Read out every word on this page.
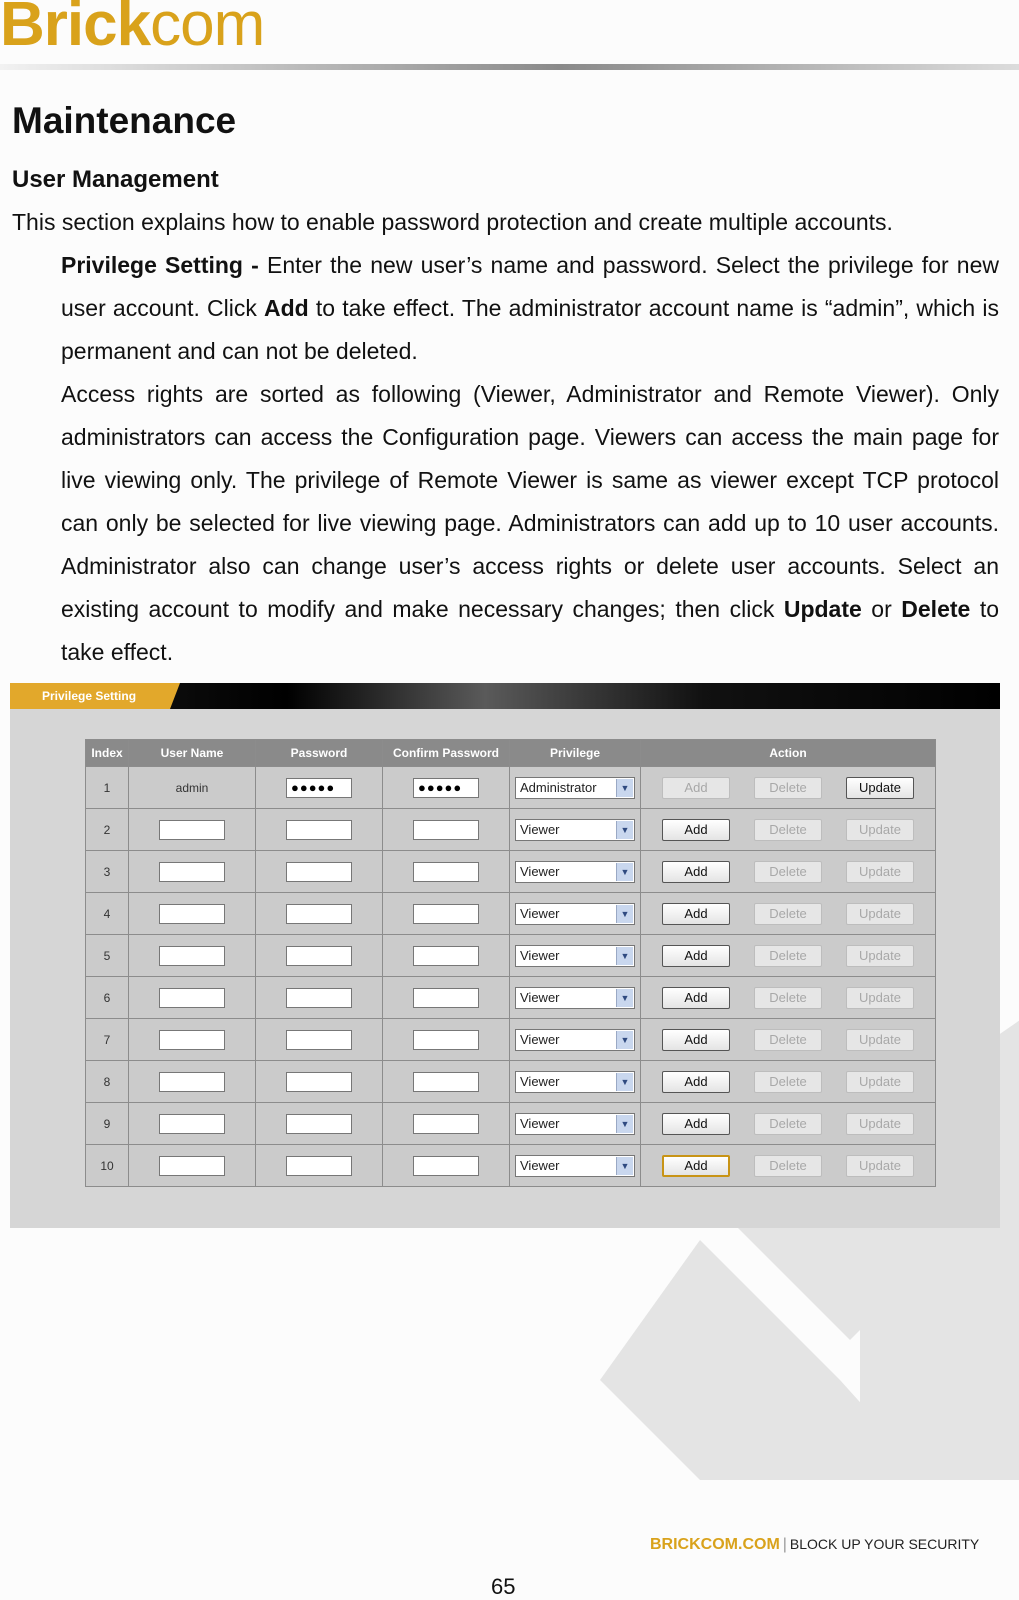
Brickcom
Maintenance
User Management

This section explains how to enable password protection and create multiple accounts.

Privilege Setting - Enter the new user’s name and password. Select the privilege for new user account. Click Add to take effect. The administrator account name is “admin”, which is permanent and can not be deleted.

Access rights are sorted as following (Viewer, Administrator and Remote Viewer). Only administrators can access the Configuration page. Viewers can access the main page for live viewing only. The privilege of Remote Viewer is same as viewer except TCP protocol can only be selected for live viewing page. Administrators can add up to 10 user accounts. Administrator also can change user’s access rights or delete user accounts. Select an existing account to modify and make necessary changes; then click Update or Delete to take effect.

Privilege Setting
Index	User Name	Password	Confirm Password	Privilege	Action
1	admin	●●●●●	●●●●●	Administrator ▼	Add Delete Update
2				Viewer ▼	Add Delete Update
3				Viewer ▼	Add Delete Update
4				Viewer ▼	Add Delete Update
5				Viewer ▼	Add Delete Update
6				Viewer ▼	Add Delete Update
7				Viewer ▼	Add Delete Update
8				Viewer ▼	Add Delete Update
9				Viewer ▼	Add Delete Update
10				Viewer ▼	Add Delete Update
BRICKCOM.COM | BLOCK UP YOUR SECURITY
65
